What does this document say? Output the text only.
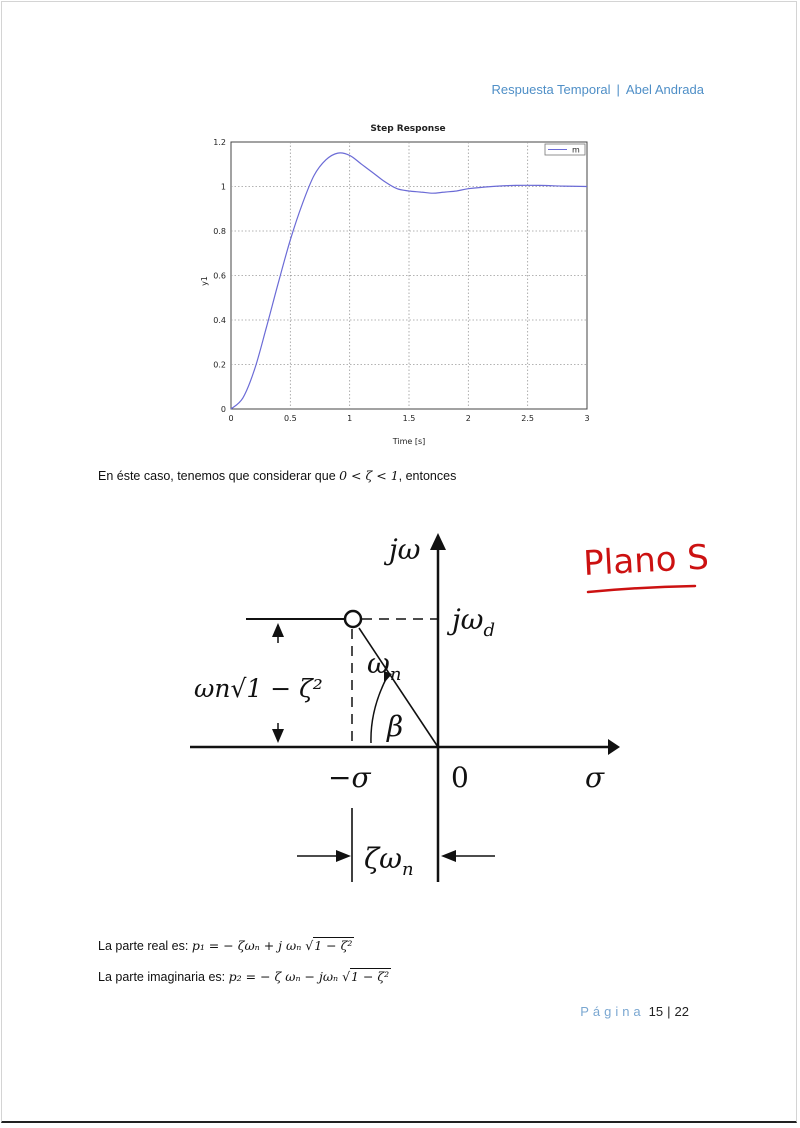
Respuesta Temporal | Abel Andrada
Step Response
0	0.5	1	1.5	2	2.5	3
0
0.2
0.4
0.6
0.8
1
1.2
m
Time [s]
y1
En éste caso, tenemos que considerar que 0 < ζ < 1, entonces
jω
$j\omega_d$
$\omega_n$
β
−σ	0	σ
ωn√1 − ζ²
$\zeta\omega_n$
Plano S
La parte real es: p₁ = − ζωₙ + j ωₙ √1 − ζ²
La parte imaginaria es: p₂ = − ζ ωₙ − jωₙ √1 − ζ²
Página 15 | 22
